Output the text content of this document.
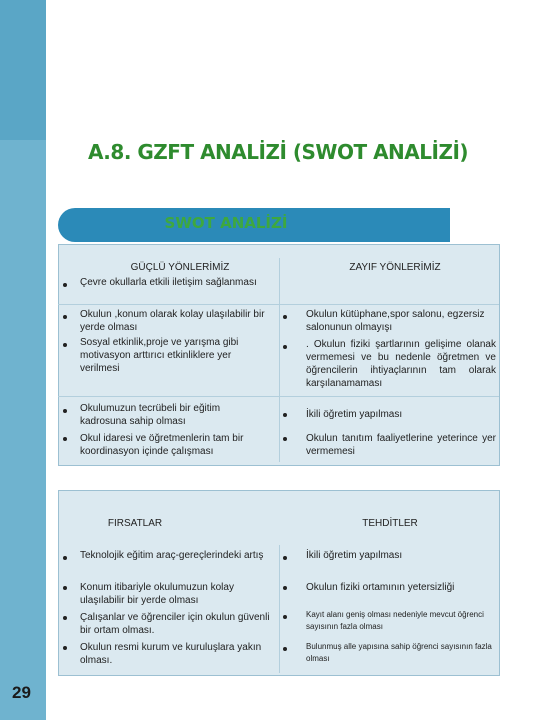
29
A.8. GZFT ANALİZİ (SWOT ANALİZİ)
SWOT ANALİZİ
GÜÇLÜ YÖNLERİMİZ	ZAYIF YÖNLERİMİZ
Çevre okullarla etkili iletişim sağlanması
Okulun ,konum olarak kolay ulaşılabilir bir yerde olması
Sosyal etkinlik,proje ve yarışma gibi motivasyon arttırıcı etkinliklere yer verilmesi
Okulumuzun tecrübeli bir eğitim kadrosuna sahip olması
Okul idaresi ve öğretmenlerin tam bir koordinasyon içinde çalışması
Okulun kütüphane,spor salonu, egzersiz salonunun olmayışı
. Okulun fiziki şartlarının gelişime olanak vermemesi ve bu nedenle öğretmen ve öğrencilerin ihtiyaçlarının tam olarak karşılanamaması
İkili öğretim yapılması
Okulun tanıtım faaliyetlerine yeterince yer vermemesi
FIRSATLAR	TEHDİTLER
Teknolojik eğitim araç-gereçlerindeki artış
Konum itibariyle okulumuzun kolay ulaşılabilir bir yerde olması
Çalışanlar ve öğrenciler için okulun güvenli bir ortam olması.
Okulun resmi kurum ve kuruluşlara yakın olması.
İkili öğretim yapılması
Okulun fiziki ortamının yetersizliği
Kayıt alanı geniş olması nedeniyle mevcut öğrenci sayısının fazla olması
Bulunmuş alle yapısına sahip öğrenci sayısının fazla olması
